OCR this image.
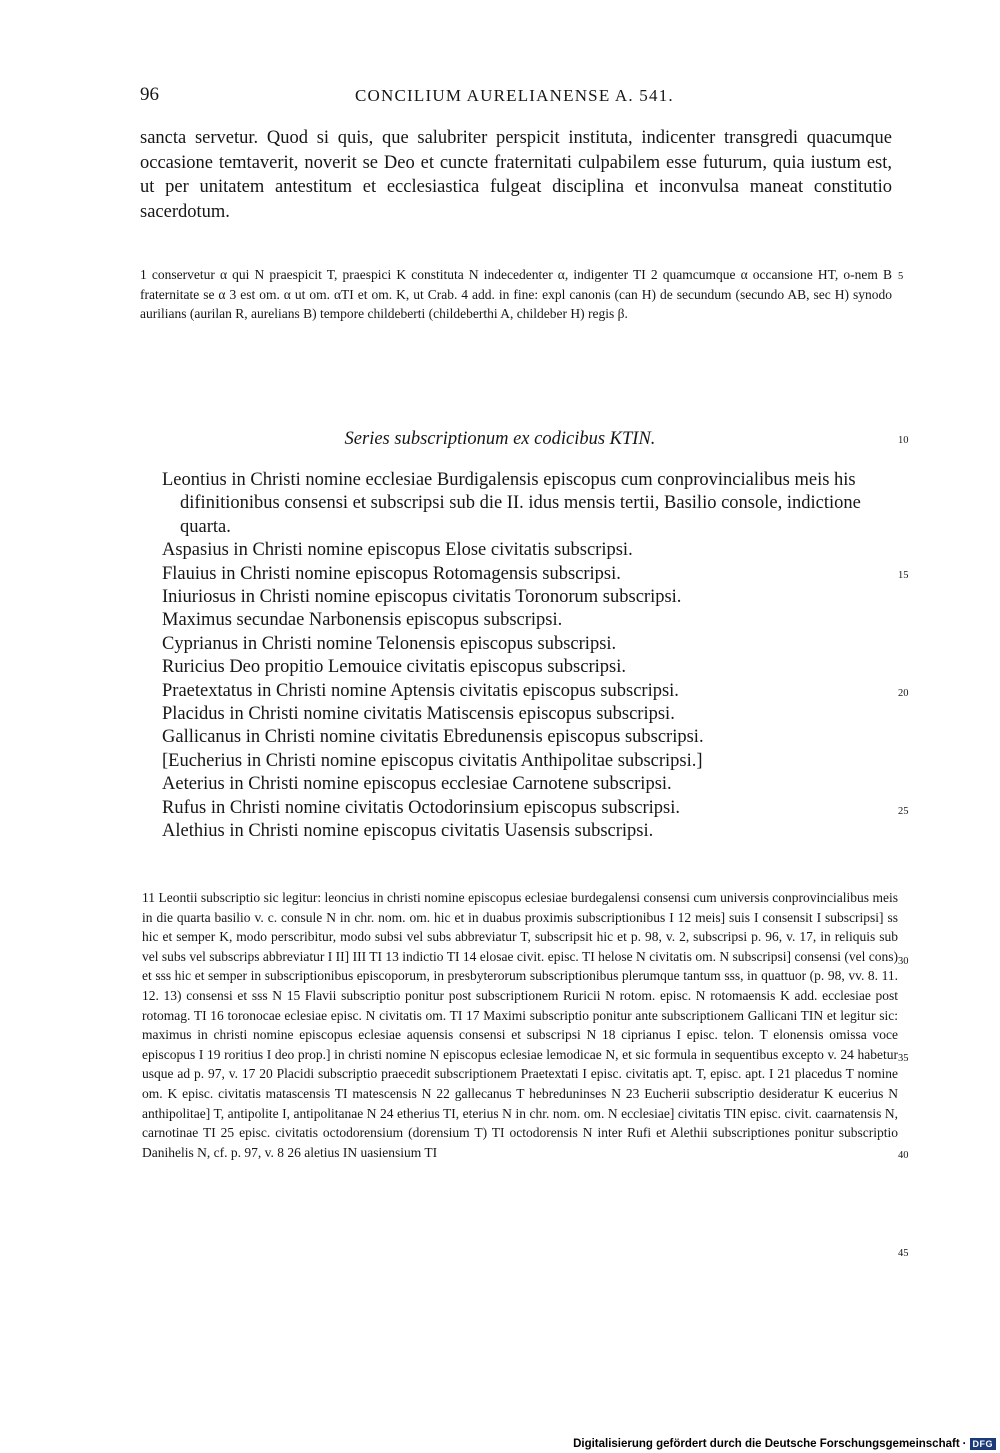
96	CONCILIUM AURELIANENSE A. 541.

sancta servetur. Quod si quis, que salubriter perspicit instituta, indicenter transgredi quacumque occasione temtaverit, noverit se Deo et cuncte fraternitati culpabilem esse futurum, quia iustum est, ut per unitatem antestitum et ecclesiastica fulgeat disciplina et inconvulsa maneat constitutio sacerdotum.

1 conservetur α qui N praespicit T, praespici K constituta N indecedenter α, indigenter TI 2 quamcumque α occansione HT, o-nem B fraternitate se α 3 est om. α ut om. αTI et om. K, ut Crab. 4 add. in fine: expl canonis (can H) de secundum (secundo AB, sec H) synodo aurilians (aurilan R, aurelians B) tempore childeberti (childeberthi A, childeber H) regis β.

Series subscriptionum ex codicibus KTIN.
Leontius in Christi nomine ecclesiae Burdigalensis episcopus cum conprovincialibus meis his difinitionibus consensi et subscripsi sub die II. idus mensis tertii, Basilio console, indictione quarta.
Aspasius in Christi nomine episcopus Elose civitatis subscripsi.
Flauius in Christi nomine episcopus Rotomagensis subscripsi.
Iniuriosus in Christi nomine episcopus civitatis Toronorum subscripsi.
Maximus secundae Narbonensis episcopus subscripsi.
Cyprianus in Christi nomine Telonensis episcopus subscripsi.
Ruricius Deo propitio Lemouice civitatis episcopus subscripsi.
Praetextatus in Christi nomine Aptensis civitatis episcopus subscripsi.
Placidus in Christi nomine civitatis Matiscensis episcopus subscripsi.
Gallicanus in Christi nomine civitatis Ebredunensis episcopus subscripsi.
[Eucherius in Christi nomine episcopus civitatis Anthipolitae subscripsi.]
Aeterius in Christi nomine episcopus ecclesiae Carnotene subscripsi.
Rufus in Christi nomine civitatis Octodorinsium episcopus subscripsi.
Alethius in Christi nomine episcopus civitatis Uasensis subscripsi.

11 Leontii subscriptio sic legitur: leoncius in christi nomine episcopus eclesiae burdegalensi consensi cum universis conprovincialibus meis in die quarta basilio v. c. consule N in chr. nom. om. hic et in duabus proximis subscriptionibus I 12 meis] suis I consensit I subscripsi] ss hic et semper K, modo perscribitur, modo subsi vel subs abbreviatur T, subscripsit hic et p. 98, v. 2, subscripsi p. 96, v. 17, in reliquis sub vel subs vel subscrips abbreviatur I II] III TI 13 indictio TI 14 elosae civit. episc. TI helose N civitatis om. N subscripsi] consensi (vel cons) et sss hic et semper in subscriptionibus episcoporum, in presbyterorum subscriptionibus plerumque tantum sss, in quattuor (p. 98, vv. 8. 11. 12. 13) consensi et sss N 15 Flavii subscriptio ponitur post subscriptionem Ruricii N rotom. episc. N rotomaensis K add. ecclesiae post rotomag. TI 16 toronocae eclesiae episc. N civitatis om. TI 17 Maximi subscriptio ponitur ante subscriptionem Gallicani TIN et legitur sic: maximus in christi nomine episcopus eclesiae aquensis consensi et subscripsi N 18 ciprianus I episc. telon. T elonensis omissa voce episcopus I 19 roritius I deo prop.] in christi nomine N episcopus eclesiae lemodicae N, et sic formula in sequentibus excepto v. 24 habetur usque ad p. 97, v. 17 20 Placidi subscriptio praecedit subscriptionem Praetextati I episc. civitatis apt. T, episc. apt. I 21 placedus T nomine om. K episc. civitatis matascensis TI matescensis N 22 gallecanus T hebreduninses N 23 Eucherii subscriptio desideratur K eucerius N anthipolitae] T, antipolite I, antipolitanae N 24 etherius TI, eterius N in chr. nom. om. N ecclesiae] civitatis TIN episc. civit. caarnatensis N, carnotinae TI 25 episc. civitatis octodorensium (dorensium T) TI octodorensis N inter Rufi et Alethii subscriptiones ponitur subscriptio Danihelis N, cf. p. 97, v. 8 26 aletius IN uasiensium TI

5
10
15
20
25
30
35
40
45
Digitalisierung gefördert durch die Deutsche Forschungsgemeinschaft · DFG
